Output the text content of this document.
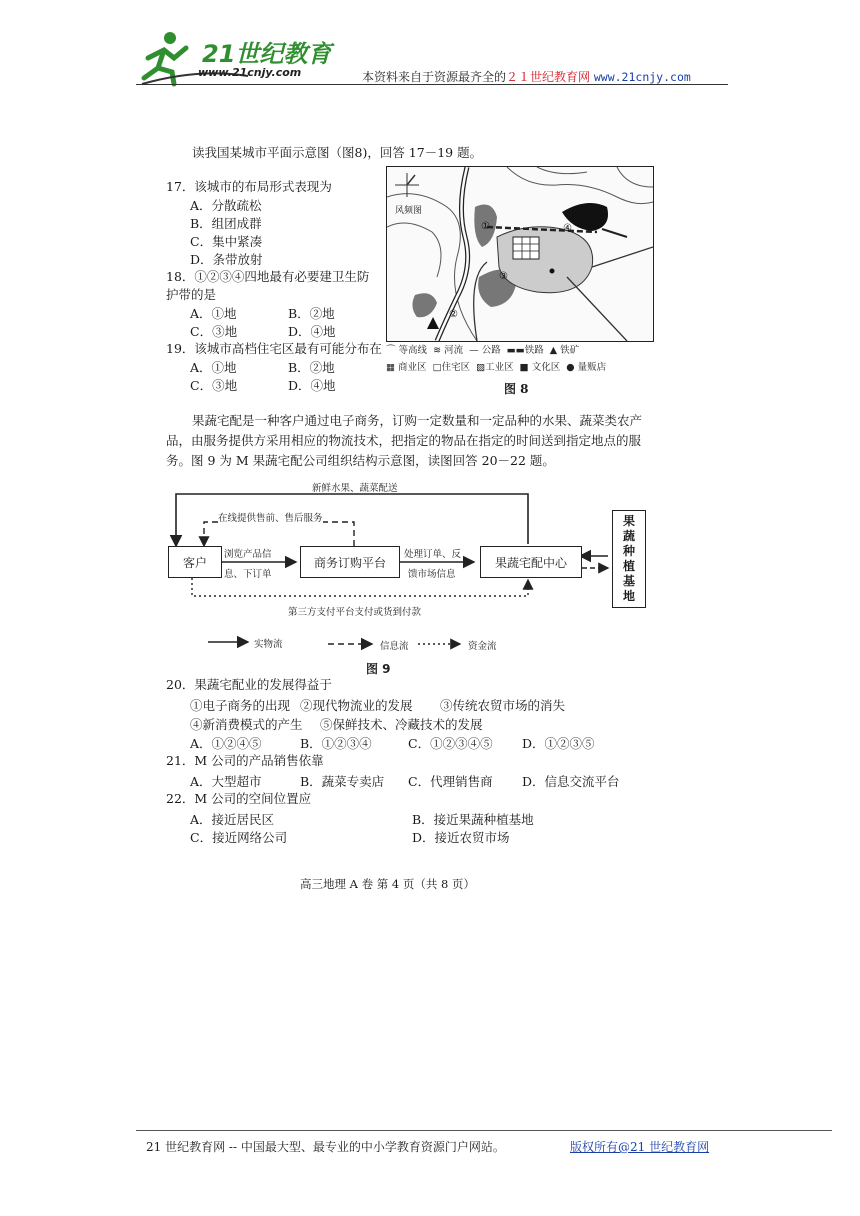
21世纪教育
www.21cnjy.com	本资料来自于资源最齐全的２１世纪教育网 www.21cnjy.com
读我国某城市平面示意图（图8)，回答 17－19 题。
17．该城市的布局形式表现为
A．分散疏松
B．组团成群
C．集中紧凑
D．条带放射
18．①②③④四地最有必要建卫生防
护带的是
A．①地	B．②地
C．③地	D．④地
19．该城市高档住宅区最有可能分布在
A．①地	B．②地
C．③地	D．④地
风频图
①
②
③
④
⌒ 等高线 ≋ 河流  — 公路 ▬▬铁路 ▲ 铁矿
▦ 商业区 □住宅区 ▨工业区 ■ 文化区 ● 量贩店
图 8
果蔬宅配是一种客户通过电子商务，订购一定数量和一定品种的水果、蔬菜类农产
品，由服务提供方采用相应的物流技术，把指定的物品在指定的时间送到指定地点的服
务。图 9 为 M 果蔬宅配公司组织结构示意图，读图回答 20－22 题。
客户	商务订购平台	果蔬宅配中心
果
蔬
种
植
基
地
新鲜水果、蔬菜配送
在线提供售前、售后服务
浏览产品信
息、下订单
处理订单、反
馈市场信息
第三方支付平台支付或货到付款
实物流	信息流	资金流
图 9
20．果蔬宅配业的发展得益于
①电子商务的出现 ②现代物流业的发展 ③传统农贸市场的消失
④新消费模式的产生 ⑤保鲜技术、冷藏技术的发展
A．①②④⑤	B．①②③④	C．①②③④⑤ D．①②③⑤
21．M 公司的产品销售依靠
A．大型超市	B．蔬菜专卖店 C．代理销售商 D．信息交流平台
22．M 公司的空间位置应
A．接近居民区	B．接近果蔬种植基地
C．接近网络公司	D．接近农贸市场
高三地理 A 卷 第 4 页（共 8 页）
21 世纪教育网 -- 中国最大型、最专业的中小学教育资源门户网站。	版权所有@21 世纪教育网
